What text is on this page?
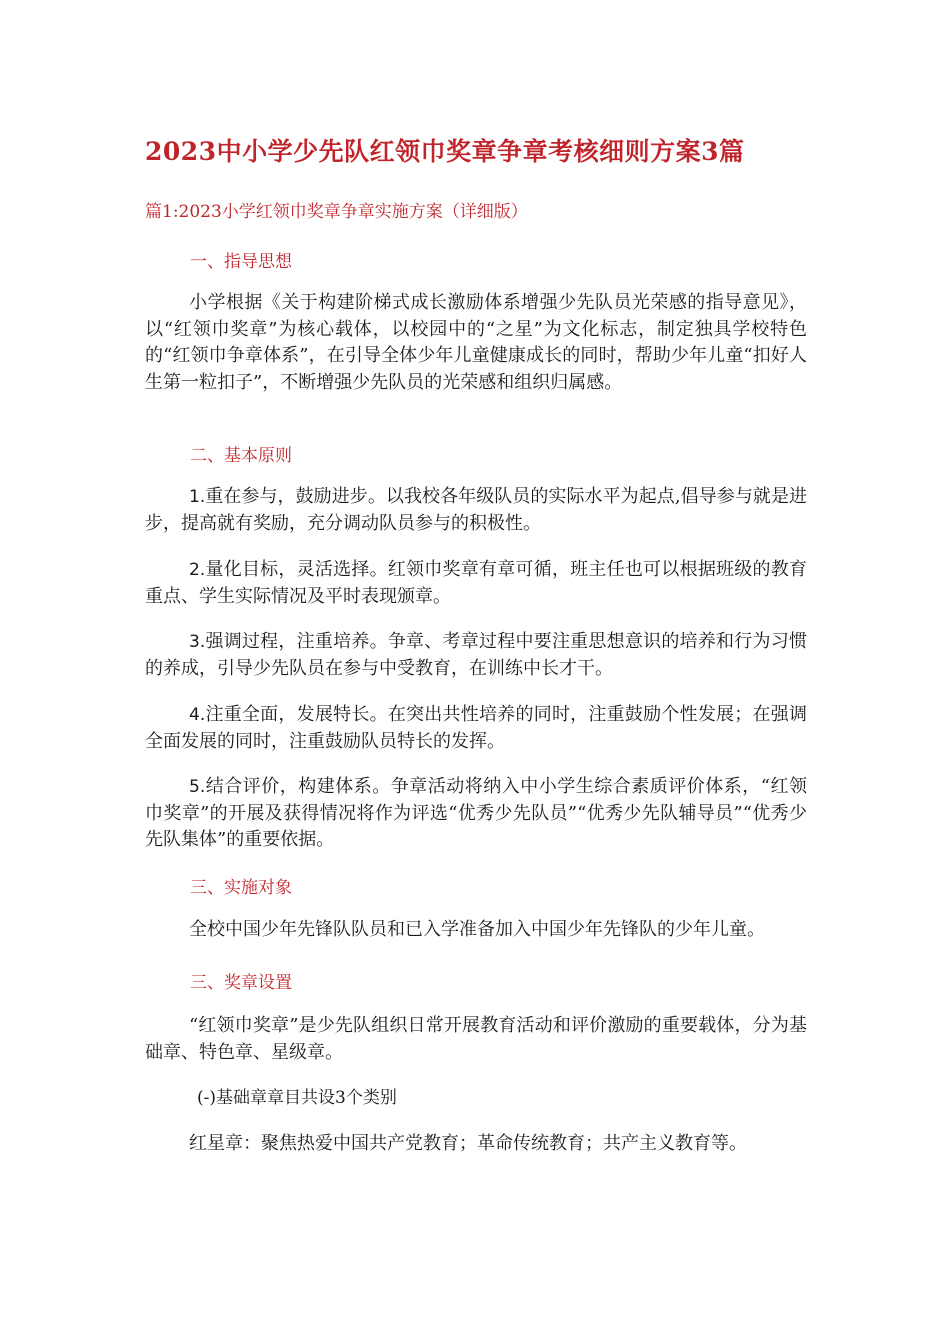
2023中小学少先队红领巾奖章争章考核细则方案3篇
篇1:2023小学红领巾奖章争章实施方案（详细版）
一、指导思想
小学根据《关于构建阶梯式成长激励体系增强少先队员光荣感的指导意见》，以“红领巾奖章”为核心载体，以校园中的“之星”为文化标志，制定独具学校特色的“红领巾争章体系”，在引导全体少年儿童健康成长的同时，帮助少年儿童“扣好人生第一粒扣子”，不断增强少先队员的光荣感和组织归属感。
二、基本原则
1.重在参与，鼓励进步。以我校各年级队员的实际水平为起点,倡导参与就是进步，提高就有奖励，充分调动队员参与的积极性。
2.量化目标，灵活选择。红领巾奖章有章可循，班主任也可以根据班级的教育重点、学生实际情况及平时表现颁章。
3.强调过程，注重培养。争章、考章过程中要注重思想意识的培养和行为习惯的养成，引导少先队员在参与中受教育，在训练中长才干。
4.注重全面，发展特长。在突出共性培养的同时，注重鼓励个性发展；在强调全面发展的同时，注重鼓励队员特长的发挥。
5.结合评价，构建体系。争章活动将纳入中小学生综合素质评价体系，“红领巾奖章”的开展及获得情况将作为评选“优秀少先队员”“优秀少先队辅导员”“优秀少先队集体”的重要依据。
三、实施对象
全校中国少年先锋队队员和已入学准备加入中国少年先锋队的少年儿童。
三、奖章设置
“红领巾奖章”是少先队组织日常开展教育活动和评价激励的重要载体，分为基础章、特色章、星级章。
(-)基础章章目共设3个类别
红星章：聚焦热爱中国共产党教育；革命传统教育；共产主义教育等。
